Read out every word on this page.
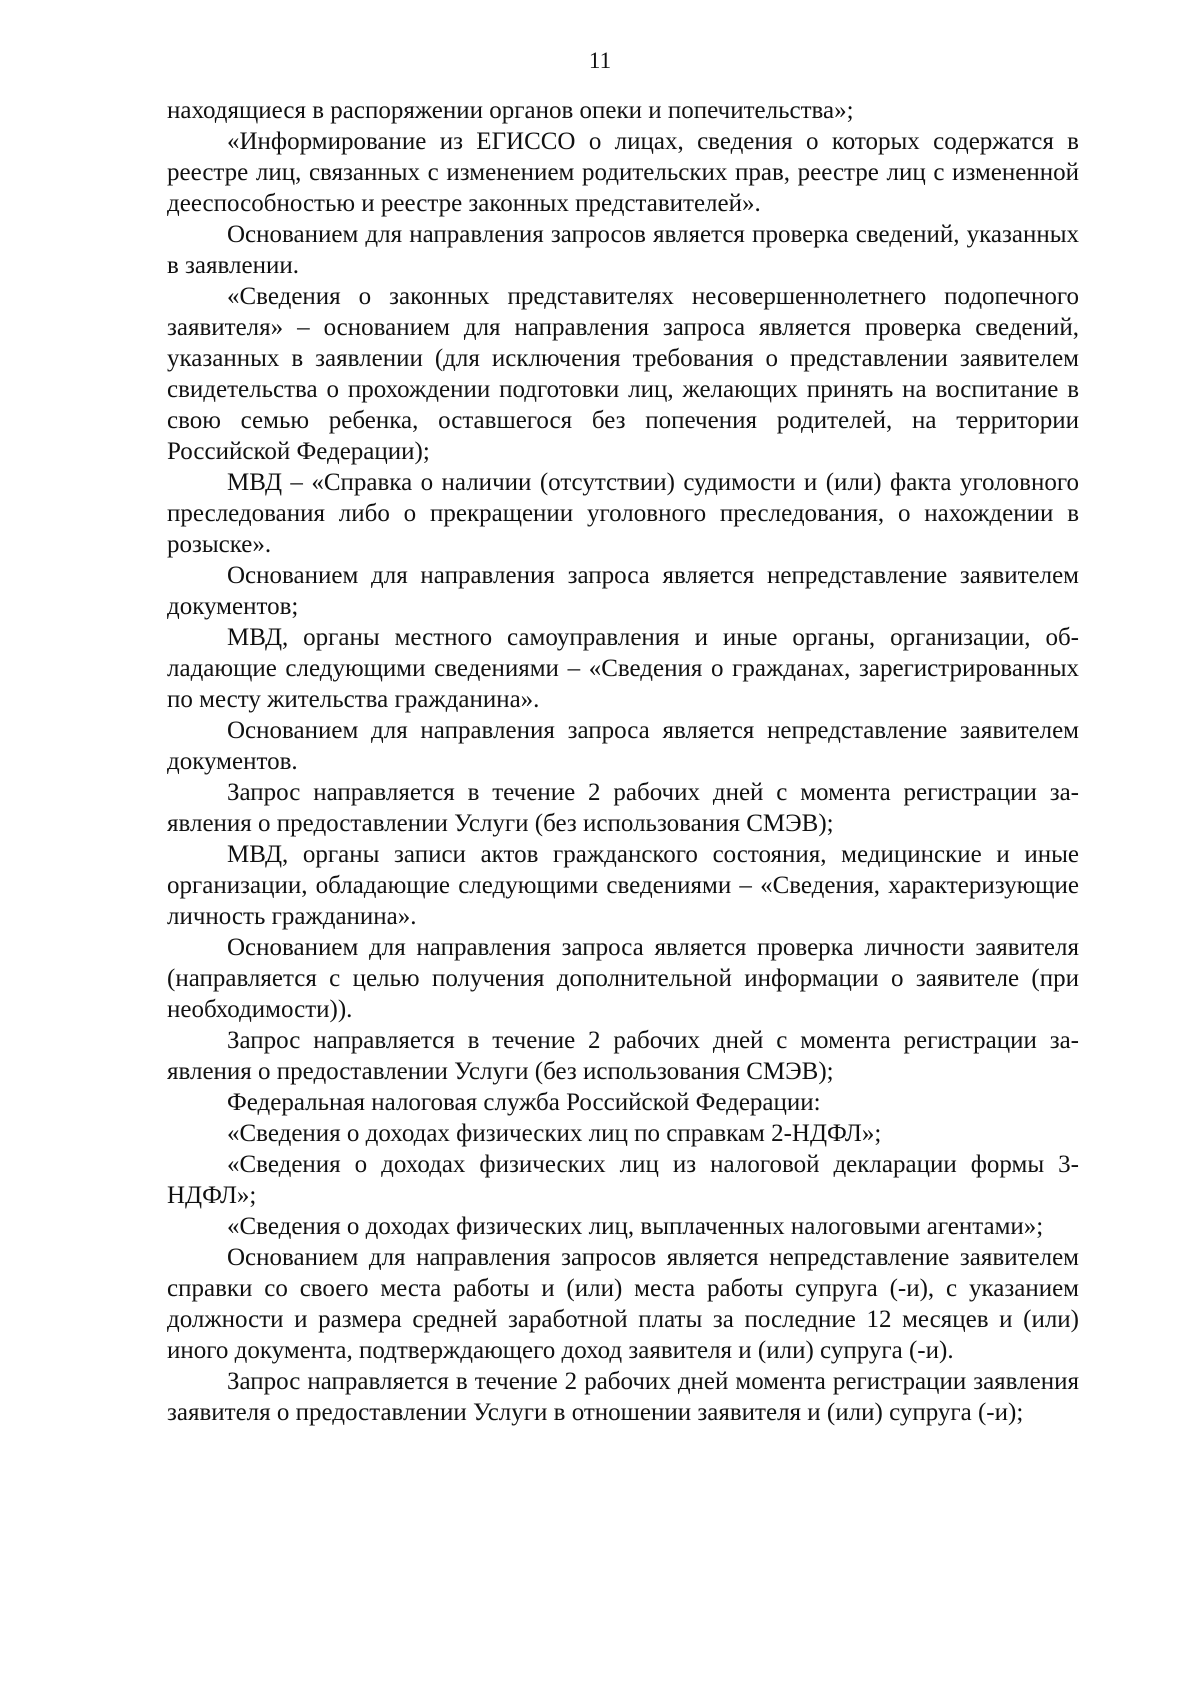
11

находящиеся в распоряжении органов опеки и попечительства»;

«Информирование из ЕГИССО о лицах, сведения о которых содержатся в реестре лиц, связанных с изменением родительских прав, реестре лиц с измененной дееспособностью и реестре законных представителей».

Основанием для направления запросов является проверка сведений, указанных в заявлении.

«Сведения о законных представителях несовершеннолетнего подопечного заявителя» – основанием для направления запроса является проверка сведений, указанных в заявлении (для исключения требования о представлении заявителем свидетельства о прохождении подготовки лиц, желающих принять на воспитание в свою семью ребенка, оставшегося без попечения родителей, на территории Российской Федерации);

МВД – «Справка о наличии (отсутствии) судимости и (или) факта уголовного преследования либо о прекращении уголовного преследования, о нахождении в розыске».

Основанием для направления запроса является непредставление заявителем документов;

МВД, органы местного самоуправления и иные органы, организации, обладающие следующими сведениями – «Сведения о гражданах, зарегистрированных по месту жительства гражданина».

Основанием для направления запроса является непредставление заявителем документов.

Запрос направляется в течение 2 рабочих дней с момента регистрации заявления о предоставлении Услуги (без использования СМЭВ);

МВД, органы записи актов гражданского состояния, медицинские и иные организации, обладающие следующими сведениями – «Сведения, характеризующие личность гражданина».

Основанием для направления запроса является проверка личности заявителя (направляется с целью получения дополнительной информации о заявителе (при необходимости)).

Запрос направляется в течение 2 рабочих дней с момента регистрации заявления о предоставлении Услуги (без использования СМЭВ);

Федеральная налоговая служба Российской Федерации:

«Сведения о доходах физических лиц по справкам 2-НДФЛ»;

«Сведения о доходах физических лиц из налоговой декларации формы 3-НДФЛ»;

«Сведения о доходах физических лиц, выплаченных налоговыми агентами»;

Основанием для направления запросов является непредставление заявителем справки со своего места работы и (или) места работы супруга (-и), с указанием должности и размера средней заработной платы за последние 12 месяцев и (или) иного документа, подтверждающего доход заявителя и (или) супруга (-и).

Запрос направляется в течение 2 рабочих дней момента регистрации заявления заявителя о предоставлении Услуги в отношении заявителя и (или) супруга (-и);
